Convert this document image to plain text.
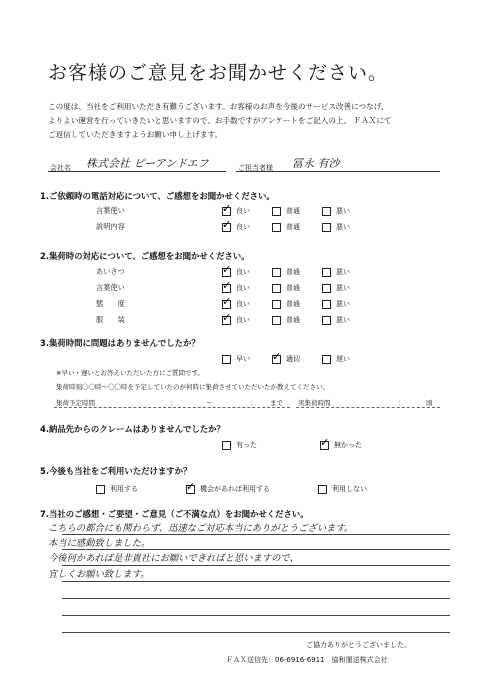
お客様のご意見をお聞かせください。
この度は、当社をご利用いただき有難うございます。お客様のお声を今後のサービス改善につなげ、
よりよい運営を行っていきたいと思いますので、お手数ですがアンケートをご記入の上、 ＦＡＸにて
ご返信していただきますようお願い申し上げます。
会社名 株式会社 ピーアンドエフ	ご担当者様 冨永 有沙
1.ご依頼時の電話対応について、ご感想をお聞かせください。
言葉使い ✓	良い	普通	悪い
説明内容 ✓	良い	普通	悪い
2.集荷時の対応について、ご感想をお聞かせください。
あいさつ ✓	良い	普通	悪い
言葉使い ✓	良い	普通	悪い
態　　度 ✓	良い	普通	悪い
服　　装 ✓	良い	普通	悪い
3.集荷時間に問題はありませんでしたか？
早い ✓	適切	遅い
※早い・遅いとお答えいただいた方にご質問です。
集荷時刻〇〇時～〇〇時を予定していたのが何時に集荷させていただいたか教えてください。
集荷予定時間	：	～	： まで 実集荷時間	：	頃
4.納品先からのクレームはありませんでしたか？
有った ✓	無かった
5.今後も当社をご利用いただけますか？
利用する ✓	機会があれば利用する	利用しない
7.当社のご感想・ご要望・ご意見（ご不満な点）をお聞かせください。
こちらの都合にも関わらず、迅速なご対応本当にありがとうございます。
本当に感動致しました。
今後何かあれば是非貴社にお願いできればと思いますので、
宜しくお願い致します。
ご協力ありがとうございました。
ＦＡＸ送信先：06-6916-6911　協和運送株式会社
